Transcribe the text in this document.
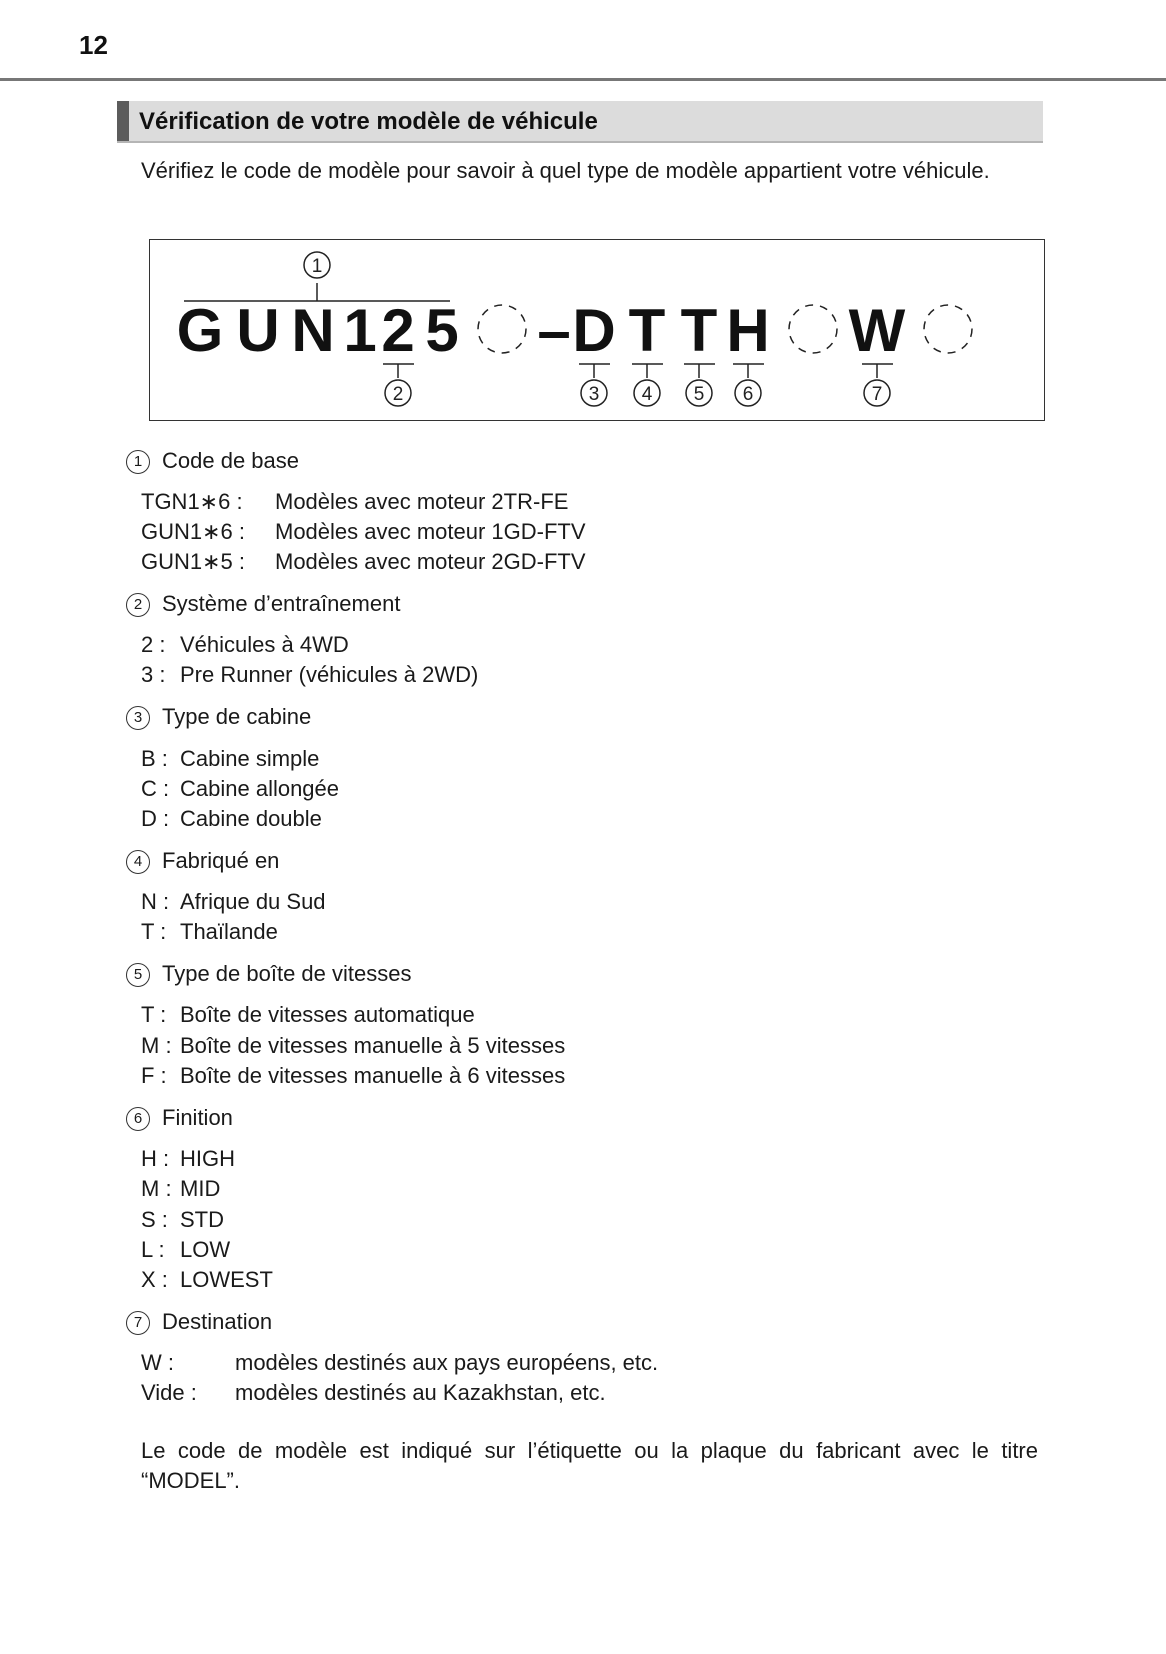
12
Vérification de votre modèle de véhicule
Vérifiez le code de modèle pour savoir à quel type de modèle appartient votre véhicule.
1
2	3 4 5 6	7
G U N 1 2 5 – D T T H W
1 Code de base
TGN1∗6 : Modèles avec moteur 2TR-FE
GUN1∗6 : Modèles avec moteur 1GD-FTV
GUN1∗5 : Modèles avec moteur 2GD-FTV
2 Système d’entraînement
2 : Véhicules à 4WD
3 : Pre Runner (véhicules à 2WD)
3 Type de cabine
B : Cabine simple
C : Cabine allongée
D : Cabine double
4 Fabriqué en
N : Afrique du Sud
T : Thaïlande
5 Type de boîte de vitesses
T : Boîte de vitesses automatique
M : Boîte de vitesses manuelle à 5 vitesses
F : Boîte de vitesses manuelle à 6 vitesses
6 Finition
H : HIGH
M : MID
S : STD
L : LOW
X : LOWEST
7 Destination
W :	modèles destinés aux pays européens, etc.
Vide : modèles destinés au Kazakhstan, etc.
Le code de modèle est indiqué sur l’étiquette ou la plaque du fabricant avec le titre “MODEL”.
